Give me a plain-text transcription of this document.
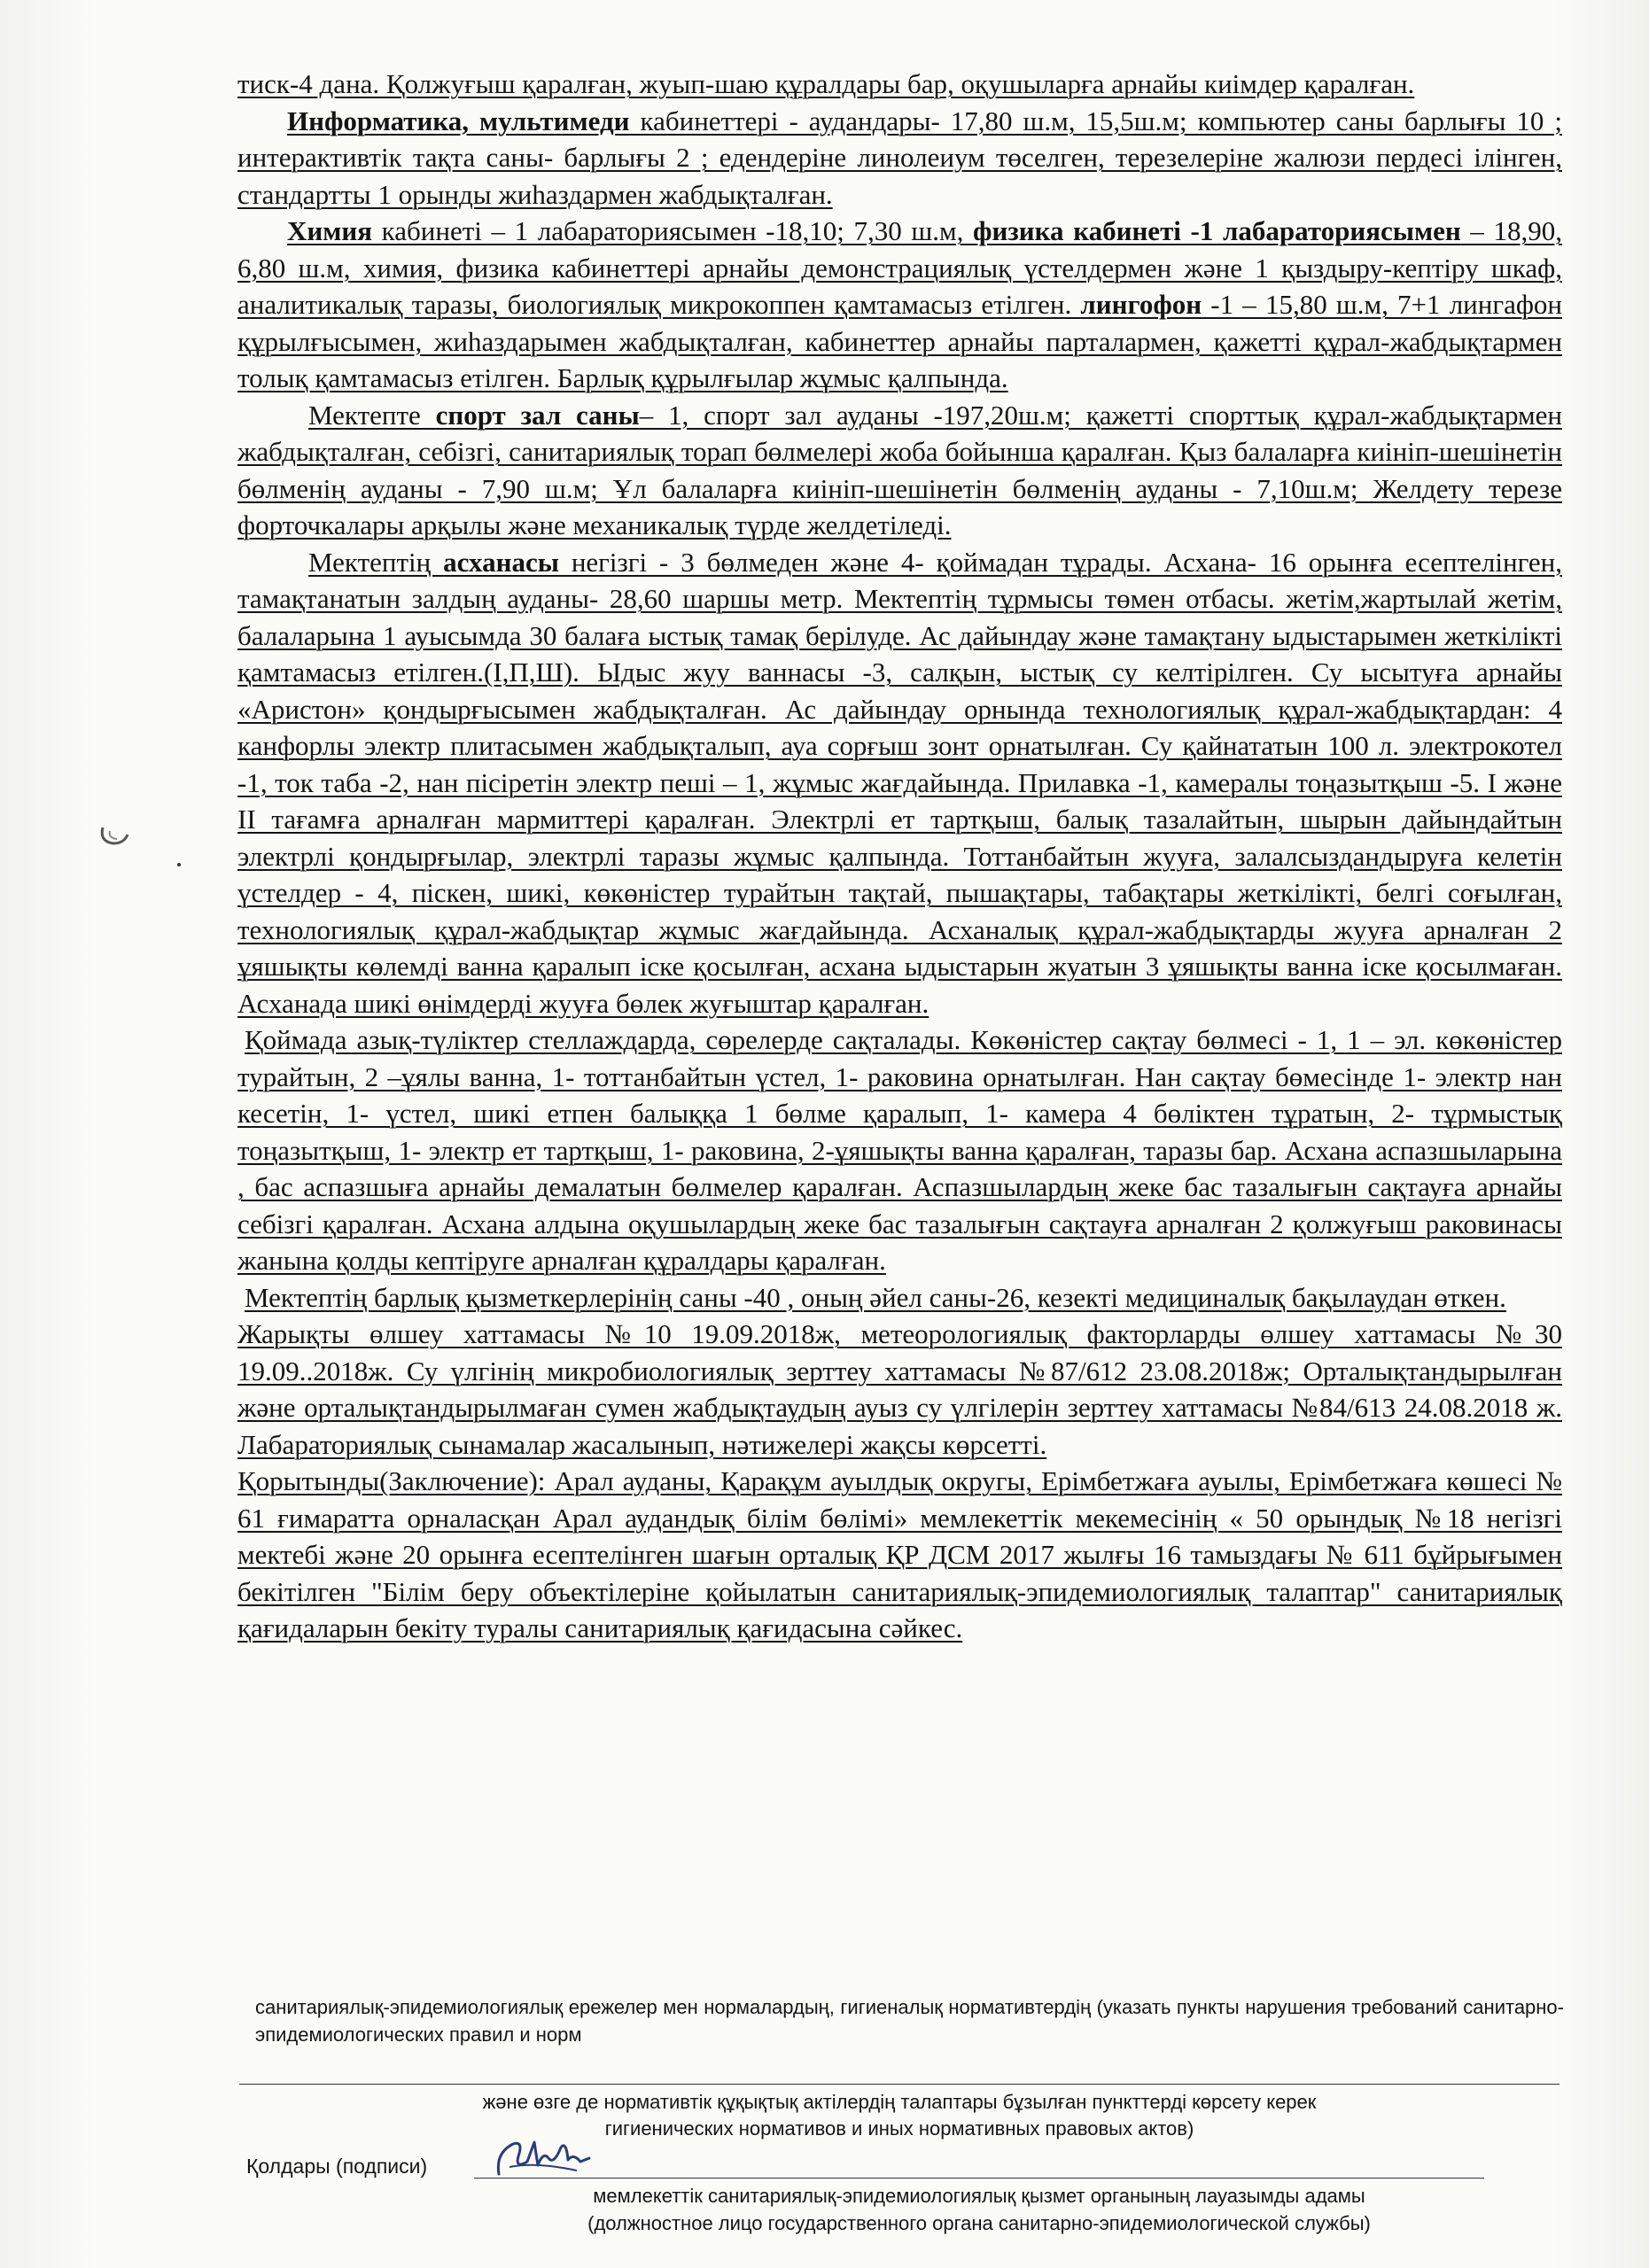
тиск-4 дана. Қолжуғыш қаралған, жуып-шаю құралдары бар, оқушыларға арнайы киімдер қаралған.

Информатика, мультимеди кабинеттері - аудандары- 17,80 ш.м, 15,5ш.м; компьютер саны барлығы 10 ; интерактивтік тақта саны- барлығы 2 ; едендеріне линолеиум төселген, терезелеріне жалюзи пердесі ілінген, стандартты 1 орынды жиһаздармен жабдықталған.

Химия кабинеті – 1 лабараториясымен -18,10; 7,30 ш.м, физика кабинеті -1 лабараториясымен – 18,90, 6,80 ш.м, химия, физика кабинеттері арнайы демонстрациялық үстелдермен және 1 қыздыру-кептіру шкаф, аналитикалық таразы, биологиялық микрокоппен қамтамасыз етілген. лингофон -1 – 15,80 ш.м, 7+1 лингафон құрылғысымен, жиһаздарымен жабдықталған, кабинеттер арнайы парталармен, қажетті құрал-жабдықтармен толық қамтамасыз етілген. Барлық құрылғылар жұмыс қалпында.

Мектепте спорт зал саны– 1, спорт зал ауданы -197,20ш.м; қажетті спорттық құрал-жабдықтармен жабдықталған, себізгі, санитариялық торап бөлмелері жоба бойынша қаралған. Қыз балаларға киініп-шешінетін бөлменің ауданы - 7,90 ш.м; Ұл балаларға киініп-шешінетін бөлменің ауданы - 7,10ш.м; Желдету терезе форточкалары арқылы және механикалық түрде желдетіледі.

Мектептің асханасы негізгі - 3 бөлмеден және 4- қоймадан тұрады. Асхана- 16 орынға есептелінген, тамақтанатын залдың ауданы- 28,60 шаршы метр. Мектептің тұрмысы төмен отбасы. жетім,жартылай жетім, балаларына 1 ауысымда 30 балаға ыстық тамақ берілуде. Ас дайындау және тамақтану ыдыстарымен жеткілікті қамтамасыз етілген.(I,П,Ш). Ыдыс жуу ваннасы -3, салқын, ыстық су келтірілген. Су ысытуға арнайы «Аристон» қондырғысымен жабдықталған. Ас дайындау орнында технологиялық құрал-жабдықтардан: 4 канфорлы электр плитасымен жабдықталып, ауа сорғыш зонт орнатылған. Су қайнататын 100 л. электрокотел -1, ток таба -2, нан пісіретін электр пеші – 1, жұмыс жағдайында. Прилавка -1, камералы тоңазытқыш -5. I және II тағамға арналған мармиттері қаралған. Электрлі ет тартқыш, балық тазалайтын, шырын дайындайтын электрлі қондырғылар, электрлі таразы жұмыс қалпында. Тоттанбайтын жууға, залалсыздандыруға келетін үстелдер - 4, піскен, шикі, көкөністер турайтын тақтай, пышақтары, табақтары жеткілікті, белгі соғылған, технологиялық құрал-жабдықтар жұмыс жағдайында. Асханалық құрал-жабдықтарды жууға арналған 2 ұяшықты көлемді ванна қаралып іске қосылған, асхана ыдыстарын жуатын 3 ұяшықты ванна іске қосылмаған. Асханада шикі өнімдерді жууға бөлек жуғыштар қаралған.

Қоймада азық-түліктер стеллаждарда, сөрелерде сақталады. Көкөністер сақтау бөлмесі - 1, 1 – эл. көкөністер турайтын, 2 –ұялы ванна, 1- тоттанбайтын үстел, 1- раковина орнатылған. Нан сақтау бөмесінде 1- электр нан кесетін, 1- үстел, шикі етпен балыққа 1 бөлме қаралып, 1- камера 4 бөліктен тұратын, 2- тұрмыстық тоңазытқыш, 1- электр ет тартқыш, 1- раковина, 2-ұяшықты ванна қаралған, таразы бар. Асхана аспазшыларына , бас аспазшыға арнайы демалатын бөлмелер қаралған. Аспазшылардың жеке бас тазалығын сақтауға арнайы себізгі қаралған. Асхана алдына оқушылардың жеке бас тазалығын сақтауға арналған 2 қолжуғыш раковинасы жанына қолды кептіруге арналған құралдары қаралған.

Мектептің барлық қызметкерлерінің саны -40 , оның әйел саны-26, кезекті медициналық бақылаудан өткен.

Жарықты өлшеу хаттамасы №10 19.09.2018ж, метеорологиялық факторларды өлшеу хаттамасы №30 19.09..2018ж. Су үлгінің микробиологиялық зерттеу хаттамасы №87/612 23.08.2018ж; Орталықтандырылған және орталықтандырылмаған сумен жабдықтаудың ауыз су үлгілерін зерттеу хаттамасы №84/613 24.08.2018 ж. Лабараториялық сынамалар жасалынып, нәтижелері жақсы көрсетті.

Қорытынды(Заключение): Арал ауданы, Қарақұм ауылдық округы, Ерімбетжаға ауылы, Ерімбетжаға көшесі № 61 ғимаратта орналасқан Арал аудандық білім бөлімі» мемлекеттік мекемесінің « 50 орындық №18 негізгі мектебі және 20 орынға есептелінген шағын орталық ҚР ДСМ 2017 жылғы 16 тамыздағы № 611 бұйрығымен бекітілген "Білім беру объектілеріне қойылатын санитариялық-эпидемиологиялық талаптар" санитариялық қағидаларын бекіту туралы санитариялық қағидасына сәйкес.

санитариялық-эпидемиологиялық ережелер мен нормалардың, гигиеналық нормативтердің (указать пункты нарушения требований санитарно-эпидемиологических правил и норм
және өзге де нормативтік құқықтық актілердің талаптары бұзылған пункттерді көрсету керек
гигиенических нормативов и иных нормативных правовых актов)
Қолдары (подписи)
мемлекеттік санитариялық-эпидемиологиялық қызмет органының лауазымды адамы
(должностное лицо государственного органа санитарно-эпидемиологической службы)
